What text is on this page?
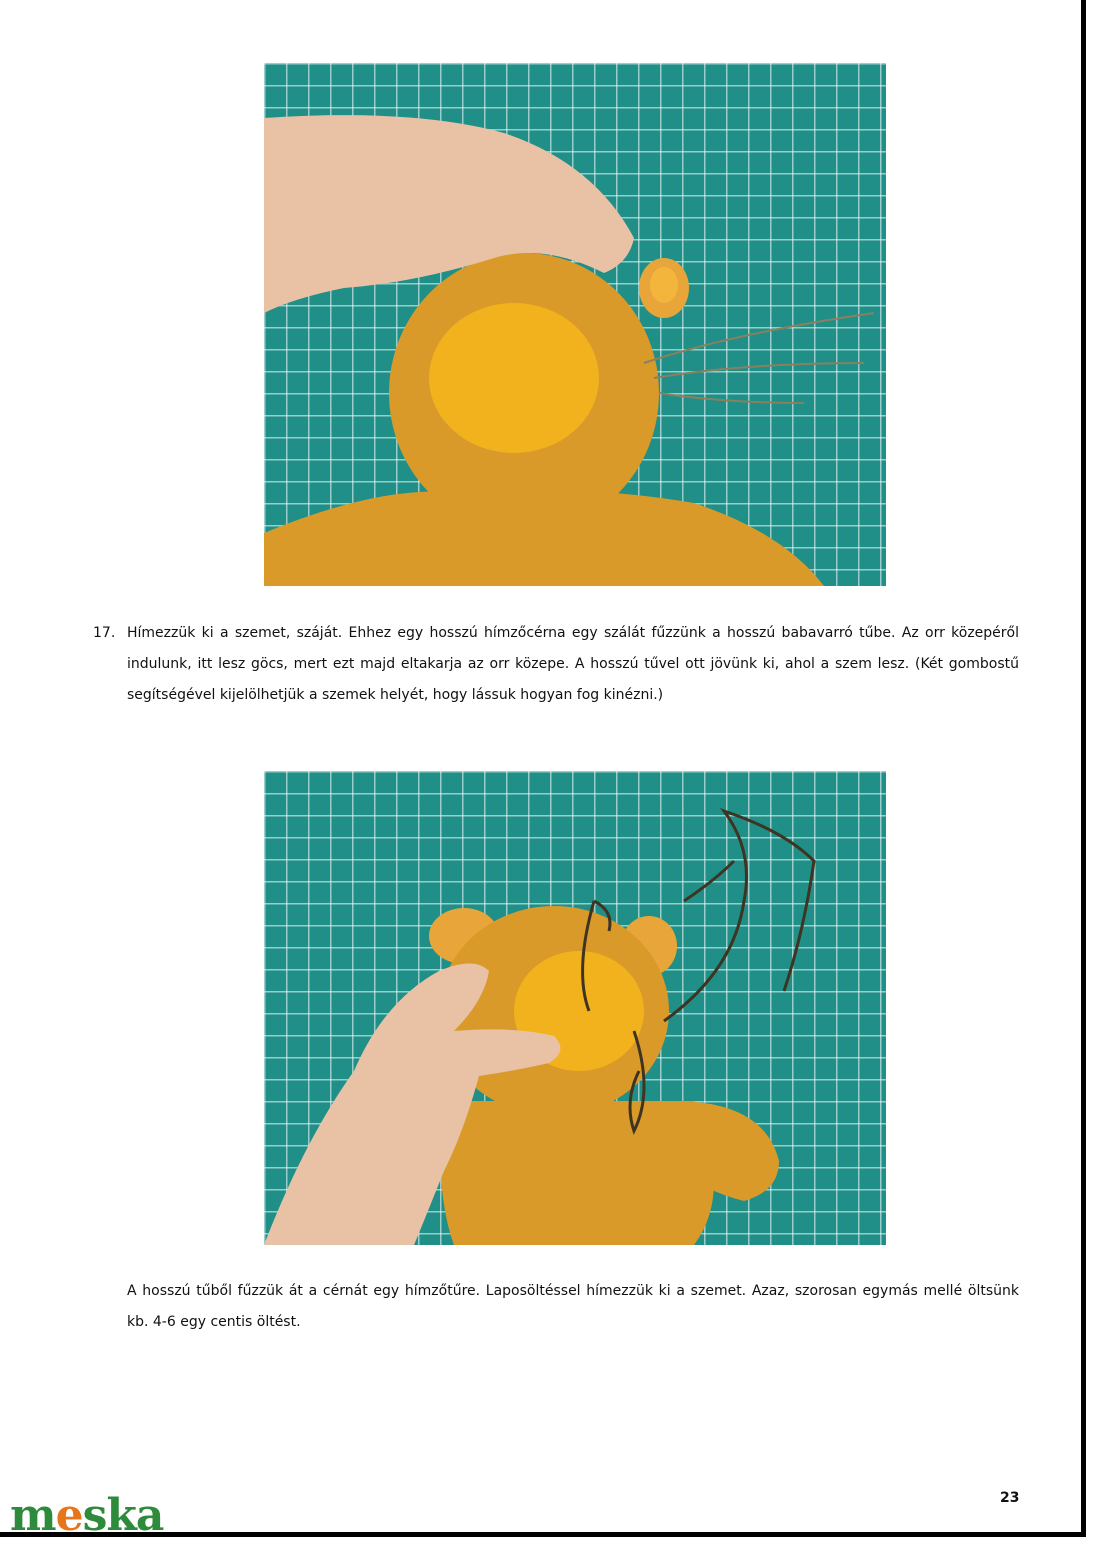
17. Hímezzük ki a szemet, száját. Ehhez egy hosszú hímzőcérna egy szálát fűzzünk a hosszú babavarró tűbe. Az orr közepéről indulunk, itt lesz göcs, mert ezt majd eltakarja az orr közepe. A hosszú tűvel ott jövünk ki, ahol a szem lesz. (Két gombostű segítségével kijelölhetjük a szemek helyét, hogy lássuk hogyan fog kinézni.)
A hosszú tűből fűzzük át a cérnát egy hímzőtűre. Laposöltéssel hímezzük ki a szemet. Azaz, szorosan egymás mellé öltsünk kb. 4-6 egy centis öltést.
23
meska
